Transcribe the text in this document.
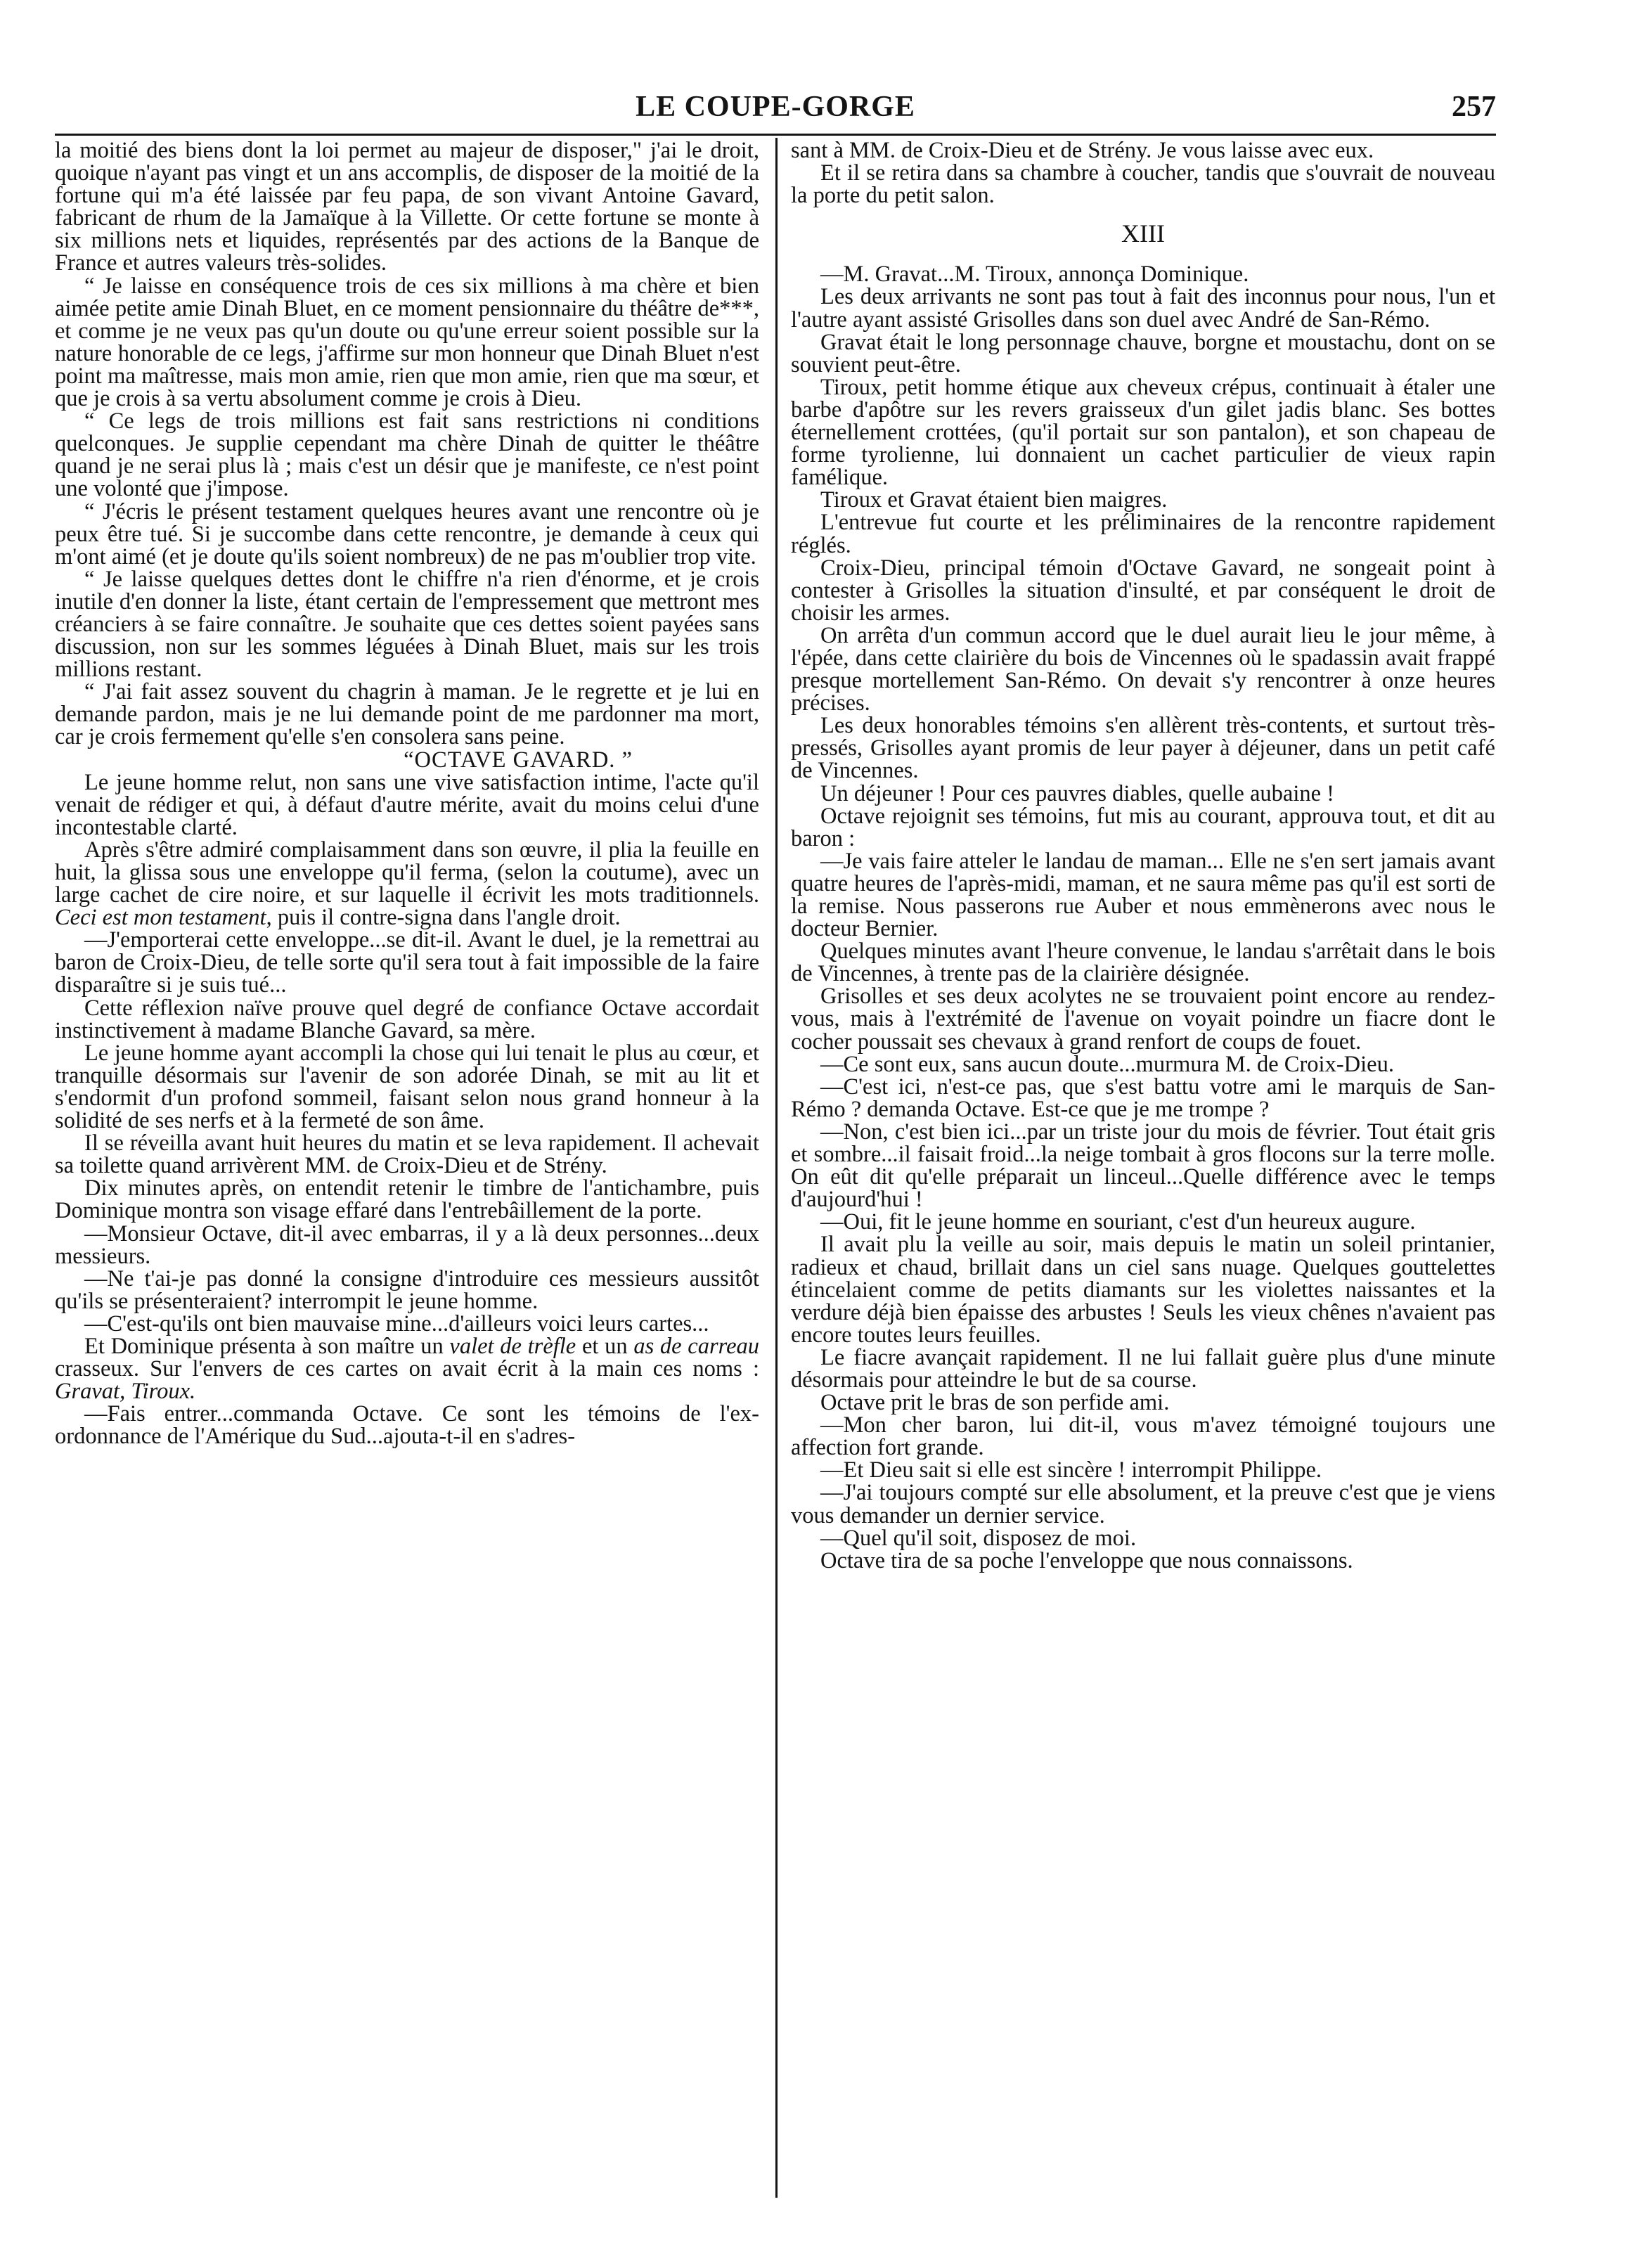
LE COUPE-GORGE	257

la moitié des biens dont la loi permet au majeur de disposer," j'ai le droit, quoique n'ayant pas vingt et un ans accomplis, de disposer de la moitié de la fortune qui m'a été laissée par feu papa, de son vivant Antoine Gavard, fabricant de rhum de la Jamaïque à la Villette. Or cette fortune se monte à six millions nets et liquides, représentés par des actions de la Banque de France et autres valeurs très-solides.

“ Je laisse en conséquence trois de ces six millions à ma chère et bien aimée petite amie Dinah Bluet, en ce moment pensionnaire du théâtre de***, et comme je ne veux pas qu'un doute ou qu'une erreur soient possible sur la nature honorable de ce legs, j'affirme sur mon honneur que Dinah Bluet n'est point ma maîtresse, mais mon amie, rien que mon amie, rien que ma sœur, et que je crois à sa vertu absolument comme je crois à Dieu.

“ Ce legs de trois millions est fait sans restrictions ni conditions quelconques. Je supplie cependant ma chère Dinah de quitter le théâtre quand je ne serai plus là ; mais c'est un désir que je manifeste, ce n'est point une volonté que j'impose.

“ J'écris le présent testament quelques heures avant une rencontre où je peux être tué. Si je succombe dans cette rencontre, je demande à ceux qui m'ont aimé (et je doute qu'ils soient nombreux) de ne pas m'oublier trop vite.

“ Je laisse quelques dettes dont le chiffre n'a rien d'énorme, et je crois inutile d'en donner la liste, étant certain de l'empressement que mettront mes créanciers à se faire connaître. Je souhaite que ces dettes soient payées sans discussion, non sur les sommes léguées à Dinah Bluet, mais sur les trois millions restant.

“ J'ai fait assez souvent du chagrin à maman. Je le regrette et je lui en demande pardon, mais je ne lui demande point de me pardonner ma mort, car je crois fermement qu'elle s'en consolera sans peine.

“OCTAVE GAVARD. ”

Le jeune homme relut, non sans une vive satisfaction intime, l'acte qu'il venait de rédiger et qui, à défaut d'autre mérite, avait du moins celui d'une incontestable clarté.

Après s'être admiré complaisamment dans son œuvre, il plia la feuille en huit, la glissa sous une enveloppe qu'il ferma, (selon la coutume), avec un large cachet de cire noire, et sur laquelle il écrivit les mots traditionnels. Ceci est mon testament, puis il contre-signa dans l'angle droit.

—J'emporterai cette enveloppe...se dit-il. Avant le duel, je la remettrai au baron de Croix-Dieu, de telle sorte qu'il sera tout à fait impossible de la faire disparaître si je suis tué...

Cette réflexion naïve prouve quel degré de confiance Octave accordait instinctivement à madame Blanche Gavard, sa mère.

Le jeune homme ayant accompli la chose qui lui tenait le plus au cœur, et tranquille désormais sur l'avenir de son adorée Dinah, se mit au lit et s'endormit d'un profond sommeil, faisant selon nous grand honneur à la solidité de ses nerfs et à la fermeté de son âme.

Il se réveilla avant huit heures du matin et se leva rapidement. Il achevait sa toilette quand arrivèrent MM. de Croix-Dieu et de Strény.

Dix minutes après, on entendit retenir le timbre de l'antichambre, puis Dominique montra son visage effaré dans l'entrebâillement de la porte.

—Monsieur Octave, dit-il avec embarras, il y a là deux personnes...deux messieurs.

—Ne t'ai-je pas donné la consigne d'introduire ces messieurs aussitôt qu'ils se présenteraient? interrompit le jeune homme.

—C'est-qu'ils ont bien mauvaise mine...d'ailleurs voici leurs cartes...

Et Dominique présenta à son maître un valet de trèfle et un as de carreau crasseux. Sur l'envers de ces cartes on avait écrit à la main ces noms : Gravat, Tiroux.

—Fais entrer...commanda Octave. Ce sont les témoins de l'ex-ordonnance de l'Amérique du Sud...ajouta-t-il en s'adres-

sant à MM. de Croix-Dieu et de Strény. Je vous laisse avec eux.

Et il se retira dans sa chambre à coucher, tandis que s'ouvrait de nouveau la porte du petit salon.

XIII

—M. Gravat...M. Tiroux, annonça Dominique.

Les deux arrivants ne sont pas tout à fait des inconnus pour nous, l'un et l'autre ayant assisté Grisolles dans son duel avec André de San-Rémo.

Gravat était le long personnage chauve, borgne et moustachu, dont on se souvient peut-être.

Tiroux, petit homme étique aux cheveux crépus, continuait à étaler une barbe d'apôtre sur les revers graisseux d'un gilet jadis blanc. Ses bottes éternellement crottées, (qu'il portait sur son pantalon), et son chapeau de forme tyrolienne, lui donnaient un cachet particulier de vieux rapin famélique.

Tiroux et Gravat étaient bien maigres.

L'entrevue fut courte et les préliminaires de la rencontre rapidement réglés.

Croix-Dieu, principal témoin d'Octave Gavard, ne songeait point à contester à Grisolles la situation d'insulté, et par conséquent le droit de choisir les armes.

On arrêta d'un commun accord que le duel aurait lieu le jour même, à l'épée, dans cette clairière du bois de Vincennes où le spadassin avait frappé presque mortellement San-Rémo. On devait s'y rencontrer à onze heures précises.

Les deux honorables témoins s'en allèrent très-contents, et surtout très-pressés, Grisolles ayant promis de leur payer à déjeuner, dans un petit café de Vincennes.

Un déjeuner ! Pour ces pauvres diables, quelle aubaine !

Octave rejoignit ses témoins, fut mis au courant, approuva tout, et dit au baron :

—Je vais faire atteler le landau de maman... Elle ne s'en sert jamais avant quatre heures de l'après-midi, maman, et ne saura même pas qu'il est sorti de la remise. Nous passerons rue Auber et nous emmènerons avec nous le docteur Bernier.

Quelques minutes avant l'heure convenue, le landau s'arrêtait dans le bois de Vincennes, à trente pas de la clairière désignée.

Grisolles et ses deux acolytes ne se trouvaient point encore au rendez-vous, mais à l'extrémité de l'avenue on voyait poindre un fiacre dont le cocher poussait ses chevaux à grand renfort de coups de fouet.

—Ce sont eux, sans aucun doute...murmura M. de Croix-Dieu.

—C'est ici, n'est-ce pas, que s'est battu votre ami le marquis de San-Rémo ? demanda Octave. Est-ce que je me trompe ?

—Non, c'est bien ici...par un triste jour du mois de février. Tout était gris et sombre...il faisait froid...la neige tombait à gros flocons sur la terre molle. On eût dit qu'elle préparait un linceul...Quelle différence avec le temps d'aujourd'hui !

—Oui, fit le jeune homme en souriant, c'est d'un heureux augure.

Il avait plu la veille au soir, mais depuis le matin un soleil printanier, radieux et chaud, brillait dans un ciel sans nuage. Quelques gouttelettes étincelaient comme de petits diamants sur les violettes naissantes et la verdure déjà bien épaisse des arbustes ! Seuls les vieux chênes n'avaient pas encore toutes leurs feuilles.

Le fiacre avançait rapidement. Il ne lui fallait guère plus d'une minute désormais pour atteindre le but de sa course.

Octave prit le bras de son perfide ami.

—Mon cher baron, lui dit-il, vous m'avez témoigné toujours une affection fort grande.

—Et Dieu sait si elle est sincère ! interrompit Philippe.

—J'ai toujours compté sur elle absolument, et la preuve c'est que je viens vous demander un dernier service.

—Quel qu'il soit, disposez de moi.

Octave tira de sa poche l'enveloppe que nous connaissons.
